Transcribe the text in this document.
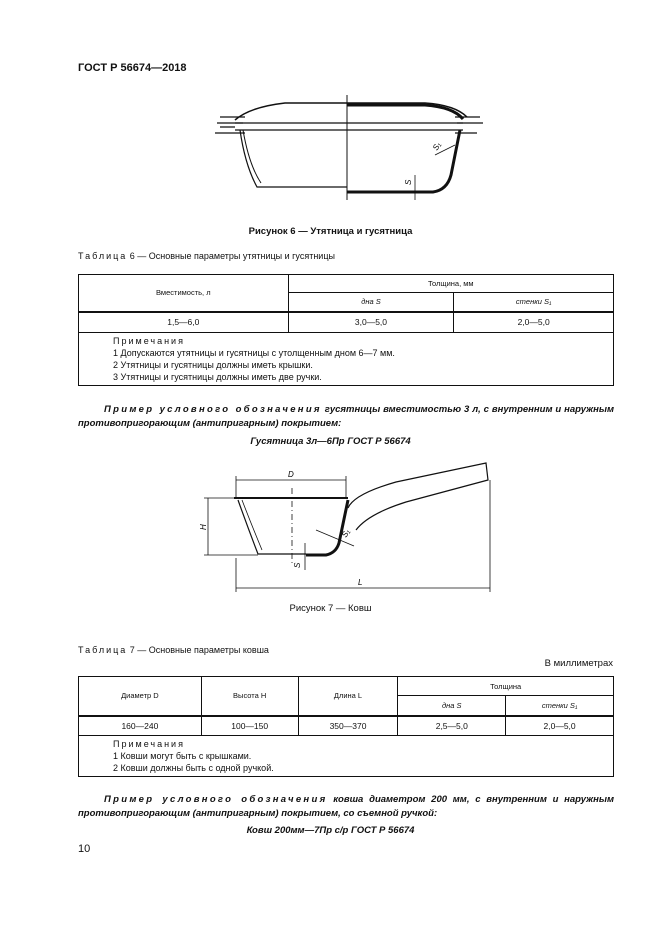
ГОСТ Р 56674—2018
S
S₁
Рисунок 6 — Утятница и гусятница
Таблица 6 — Основные параметры утятницы и гусятницы
Вместимость, л	Толщина, мм	
	дна S	стенки S₁
1,5—6,0	3,0—5,0	2,0—5,0

Примечания
1 Допускаются утятницы и гусятницы с утолщенным дном 6—7 мм.
2 Утятницы и гусятницы должны иметь крышки.
3 Утятницы и гусятницы должны иметь две ручки.		
Пример условного обозначения гусятницы вместимостью 3 л, с внутренним и наружным противопригорающим (антипригарным) покрытием:
Гусятница 3л—6Пр ГОСТ Р 56674
D
H
L
S
S₁
Рисунок 7 — Ковш
Таблица 7 — Основные параметры ковша
В миллиметрах
Диаметр D	Высота H	Длина L	Толщина	
			дна S	стенки S₁
160—240	100—150	350—370	2,5—5,0	2,0—5,0

Примечания
1 Ковши могут быть с крышками.
2 Ковши должны быть с одной ручкой.				
Пример условного обозначения ковша диаметром 200 мм, с внутренним и наружным противопригорающим (антипригарным) покрытием, со съемной ручкой:
Ковш 200мм—7Пр с/р ГОСТ Р 56674
10
